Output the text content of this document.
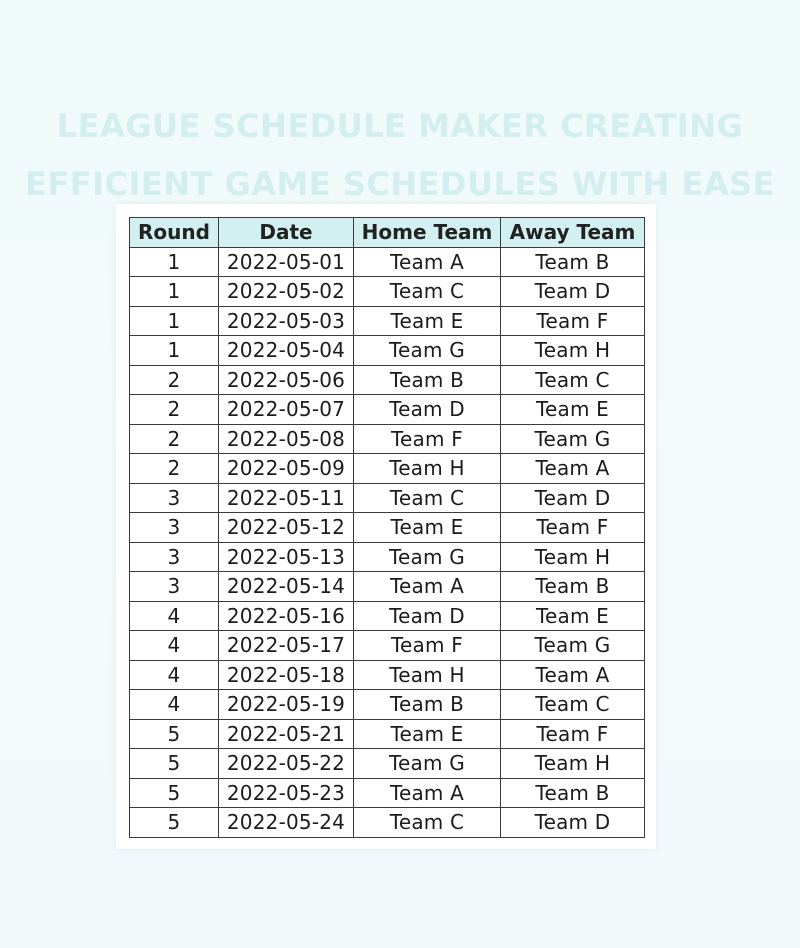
LEAGUE SCHEDULE MAKER CREATING
EFFICIENT GAME SCHEDULES WITH EASE
Round	Date	Home Team	Away Team
1	2022-05-01	Team A	Team B
1	2022-05-02	Team C	Team D
1	2022-05-03	Team E	Team F
1	2022-05-04	Team G	Team H
2	2022-05-06	Team B	Team C
2	2022-05-07	Team D	Team E
2	2022-05-08	Team F	Team G
2	2022-05-09	Team H	Team A
3	2022-05-11	Team C	Team D
3	2022-05-12	Team E	Team F
3	2022-05-13	Team G	Team H
3	2022-05-14	Team A	Team B
4	2022-05-16	Team D	Team E
4	2022-05-17	Team F	Team G
4	2022-05-18	Team H	Team A
4	2022-05-19	Team B	Team C
5	2022-05-21	Team E	Team F
5	2022-05-22	Team G	Team H
5	2022-05-23	Team A	Team B
5	2022-05-24	Team C	Team D
